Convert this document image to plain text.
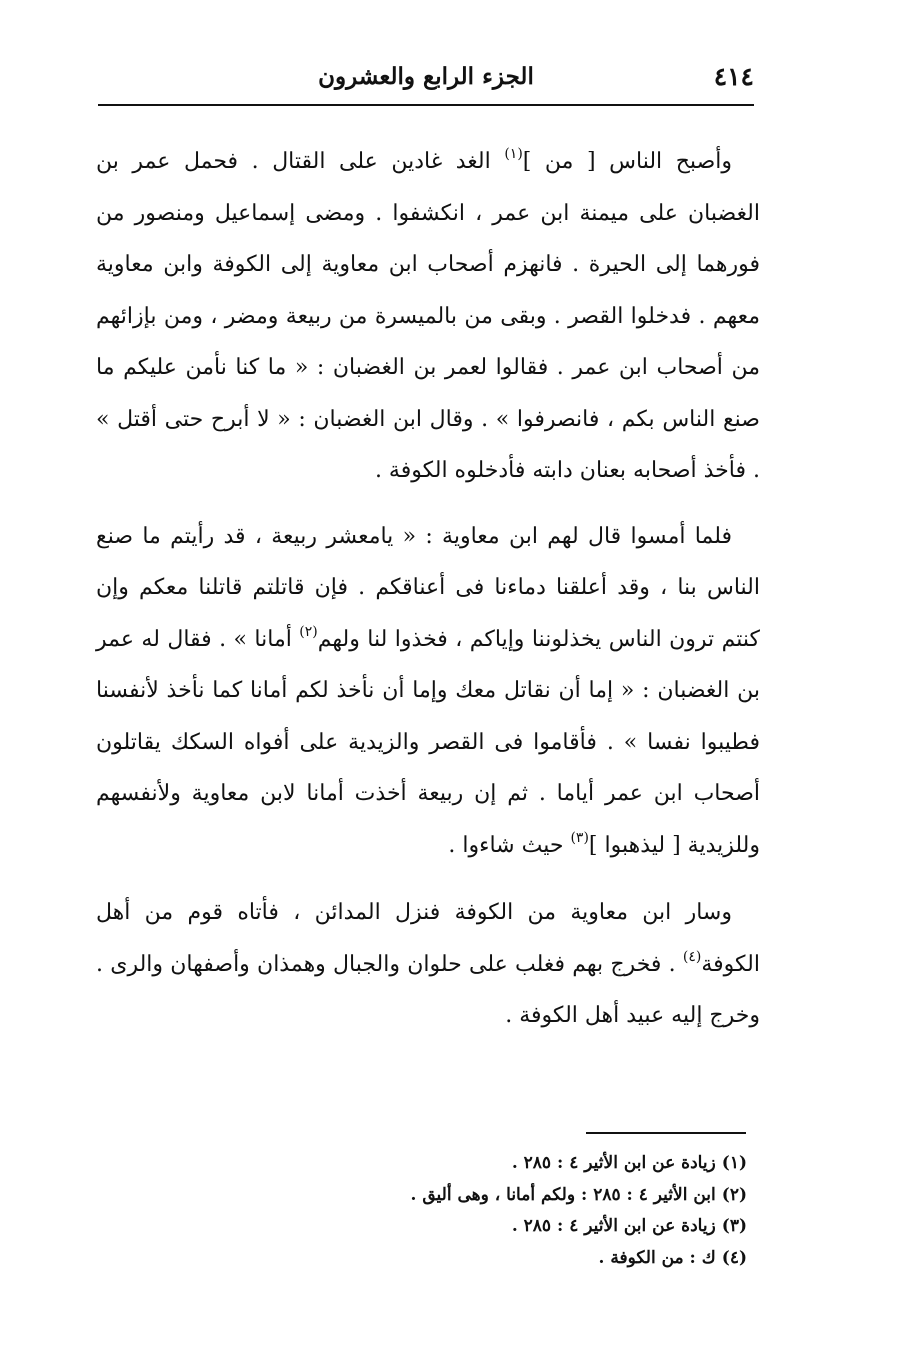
٤١٤
الجزء الرابع والعشرون

وأصبح الناس [ من ]$^{(١)}$ الغد غادين على القتال . فحمل عمر بن الغضبان على ميمنة ابن عمر ، انكشفوا . ومضى إسماعيل ومنصور من فورهما إلى الحيرة . فانهزم أصحاب ابن معاوية إلى الكوفة وابن معاوية معهم . فدخلوا القصر . وبقى من بالميسرة من ربيعة ومضر ، ومن بإزائهم من أصحاب ابن عمر . فقالوا لعمر بن الغضبان : « ما كنا نأمن عليكم ما صنع الناس بكم ، فانصرفوا » . وقال ابن الغضبان : « لا أبرح حتى أقتل » . فأخذ أصحابه بعنان دابته فأدخلوه الكوفة .

فلما أمسوا قال لهم ابن معاوية : « يامعشر ربيعة ، قد رأيتم ما صنع الناس بنا ، وقد أعلقنا دماءنا فى أعناقكم . فإن قاتلتم قاتلنا معكم وإن كنتم ترون الناس يخذلوننا وإياكم ، فخذوا لنا ولهم$^{(٢)}$ أمانا » . فقال له عمر بن الغضبان : « إما أن نقاتل معك وإما أن نأخذ لكم أمانا كما نأخذ لأنفسنا فطيبوا نفسا » . فأقاموا فى القصر والزيدية على أفواه السكك يقاتلون أصحاب ابن عمر أياما . ثم إن ربيعة أخذت أمانا لابن معاوية ولأنفسهم وللزيدية [ ليذهبوا ]$^{(٣)}$ حيث شاءوا .

وسار ابن معاوية من الكوفة فنزل المدائن ، فأتاه قوم من أهل الكوفة$^{(٤)}$ . فخرج بهم فغلب على حلوان والجبال وهمذان وأصفهان والرى . وخرج إليه عبيد أهل الكوفة .

(١)زيادة عن ابن الأثير ٤ : ٢٨٥ .
(٢)ابن الأثير ٤ : ٢٨٥ : ولكم أمانا ، وهى أليق .
(٣)زيادة عن ابن الأثير ٤ : ٢٨٥ .
(٤)ك : من الكوفة .
